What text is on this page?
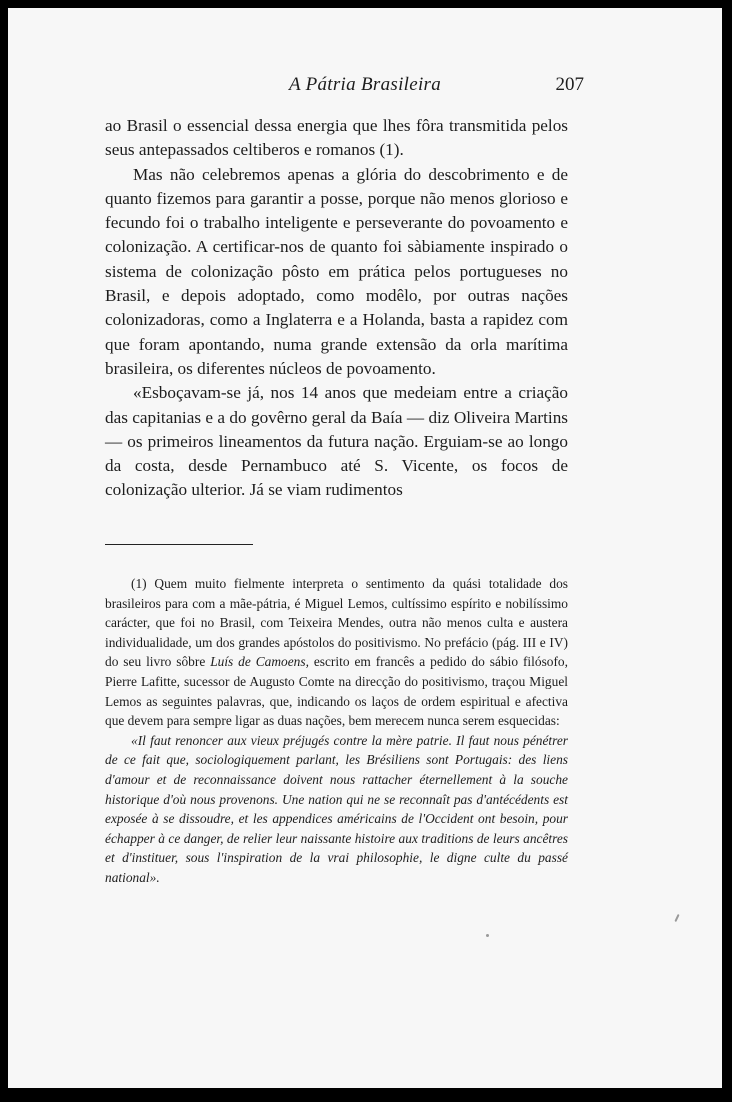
A Pátria Brasileira	207

ao Brasil o essencial dessa energia que lhes fôra transmitida pelos seus antepassados celtiberos e romanos (1).

Mas não celebremos apenas a glória do descobrimento e de quanto fizemos para garantir a posse, porque não menos glorioso e fecundo foi o trabalho inteligente e perseverante do povoamento e colonização. A certificar-nos de quanto foi sàbiamente inspirado o sistema de colonização pôsto em prática pelos portugueses no Brasil, e depois adoptado, como modêlo, por outras nações colonizadoras, como a Inglaterra e a Holanda, basta a rapidez com que foram apontando, numa grande extensão da orla marítima brasileira, os diferentes núcleos de povoamento.

«Esboçavam-se já, nos 14 anos que medeiam entre a criação das capitanias e a do govêrno geral da Baía — diz Oliveira Martins — os primeiros lineamentos da futura nação. Erguiam-se ao longo da costa, desde Pernambuco até S. Vicente, os focos de colonização ulterior. Já se viam rudimentos

(1) Quem muito fielmente interpreta o sentimento da quási totalidade dos brasileiros para com a mãe-pátria, é Miguel Lemos, cultíssimo espírito e nobilíssimo carácter, que foi no Brasil, com Teixeira Mendes, outra não menos culta e austera individualidade, um dos grandes apóstolos do positivismo. No prefácio (pág. III e IV) do seu livro sôbre Luís de Camoens, escrito em francês a pedido do sábio filósofo, Pierre Lafitte, sucessor de Augusto Comte na direcção do positivismo, traçou Miguel Lemos as seguintes palavras, que, indicando os laços de ordem espiritual e afectiva que devem para sempre ligar as duas nações, bem merecem nunca serem esquecidas:

«Il faut renoncer aux vieux préjugés contre la mère patrie. Il faut nous pénétrer de ce fait que, sociologiquement parlant, les Brésiliens sont Portugais: des liens d'amour et de reconnaissance doivent nous rattacher éternellement à la souche historique d'où nous provenons. Une nation qui ne se reconnaît pas d'antécédents est exposée à se dissoudre, et les appendices américains de l'Occident ont besoin, pour échapper à ce danger, de relier leur naissante histoire aux traditions de leurs ancêtres et d'instituer, sous l'inspiration de la vrai philosophie, le digne culte du passé national».
